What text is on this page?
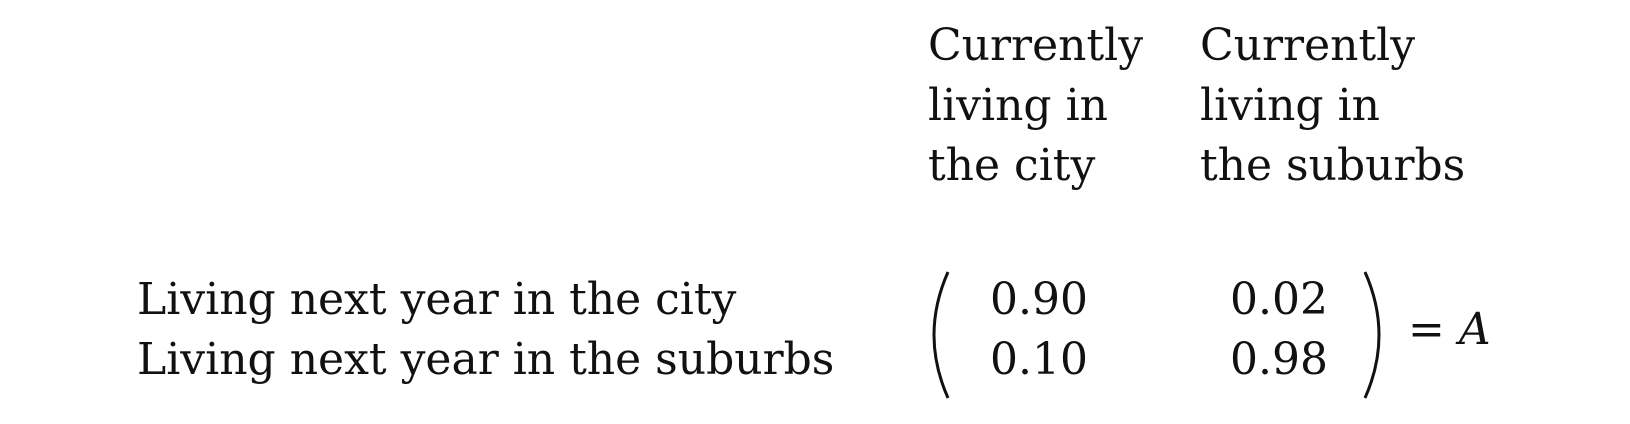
Currently
living in
the city
Currently
living in
the suburbs
Living next year in the city
Living next year in the suburbs
0.90	0.02
0.10	0.98
= A
